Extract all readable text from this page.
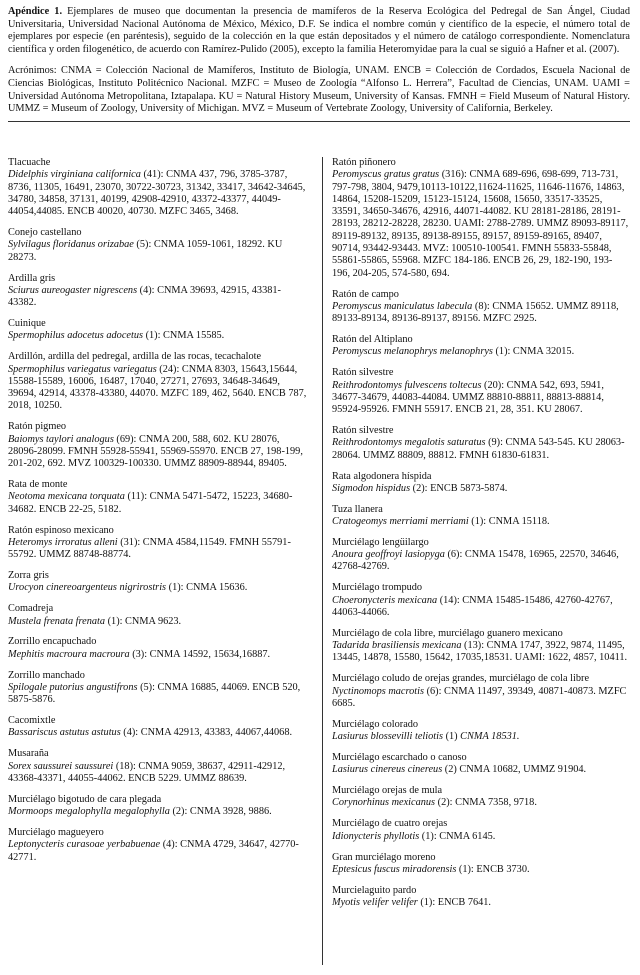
Apéndice 1. Ejemplares de museo que documentan la presencia de mamíferos de la Reserva Ecológica del Pedregal de San Ángel, Ciudad Universitaria, Universidad Nacional Autónoma de México, México, D.F. Se indica el nombre común y científico de la especie, el número total de ejemplares por especie (en paréntesis), seguido de la colección en la que están depositados y el número de catálogo correspondiente. Nomenclatura científica y orden filogenético, de acuerdo con Ramírez-Pulido (2005), excepto la familia Heteromyidae para la cual se siguió a Hafner et al. (2007).

Acrónimos: CNMA = Colección Nacional de Mamíferos, Instituto de Biología, UNAM. ENCB = Colección de Cordados, Escuela Nacional de Ciencias Biológicas, Instituto Politécnico Nacional. MZFC = Museo de Zoología “Alfonso L. Herrera”, Facultad de Ciencias, UNAM. UAMI = Universidad Autónoma Metropolitana, Iztapalapa. KU = Natural History Museum, University of Kansas. FMNH = Field Museum of Natural History. UMMZ = Museum of Zoology, University of Michigan. MVZ = Museum of Vertebrate Zoology, University of California, Berkeley.

Tlacuache
Didelphis virginiana californica (41): CNMA 437, 796, 3785-3787, 8736, 11305, 16491, 23070, 30722-30723, 31342, 33417, 34642-34645, 34780, 34858, 37131, 40199, 42908-42910, 43372-43377, 44049-44054,44085. ENCB 40020, 40730. MZFC 3465, 3468.
Conejo castellano
Sylvilagus floridanus orizabae (5): CNMA 1059-1061, 18292. KU 28273.
Ardilla gris
Sciurus aureogaster nigrescens (4): CNMA 39693, 42915, 43381-43382.
Cuinique
Spermophilus adocetus adocetus (1): CNMA 15585.
Ardillón, ardilla del pedregal, ardilla de las rocas, tecachalote
Spermophilus variegatus variegatus (24): CNMA 8303, 15643,15644, 15588-15589, 16006, 16487, 17040, 27271, 27693, 34648-34649, 39694, 42914, 43378-43380, 44070. MZFC 189, 462, 5640. ENCB 787, 2018, 10250.
Ratón pigmeo
Baiomys taylori analogus (69): CNMA 200, 588, 602. KU 28076, 28096-28099. FMNH 55928-55941, 55969-55970. ENCB 27, 198-199, 201-202, 692. MVZ 100329-100330. UMMZ 88909-88944, 89405.
Rata de monte
Neotoma mexicana torquata (11): CNMA 5471-5472, 15223, 34680-34682. ENCB 22-25, 5182.
Ratón espinoso mexicano
Heteromys irroratus alleni (31): CNMA 4584,11549. FMNH 55791-55792. UMMZ 88748-88774.
Zorra gris
Urocyon cinereoargenteus nigrirostris (1): CNMA 15636.
Comadreja
Mustela frenata frenata (1): CNMA 9623.
Zorrillo encapuchado
Mephitis macroura macroura (3): CNMA 14592, 15634,16887.
Zorrillo manchado
Spilogale putorius angustifrons (5): CNMA 16885, 44069. ENCB 520, 5875-5876.
Cacomixtle
Bassariscus astutus astutus (4): CNMA 42913, 43383, 44067,44068.
Musaraña
Sorex saussurei saussurei (18): CNMA 9059, 38637, 42911-42912, 43368-43371, 44055-44062. ENCB 5229. UMMZ 88639.
Murciélago bigotudo de cara plegada
Mormoops megalophylla megalophylla (2): CNMA 3928, 9886.
Murciélago magueyero
Leptonycteris curasoae yerbabuenae (4): CNMA 4729, 34647, 42770-42771.
Ratón piñonero
Peromyscus gratus gratus (316): CNMA 689-696, 698-699, 713-731, 797-798, 3804, 9479,10113-10122,11624-11625, 11646-11676, 14863, 14864, 15208-15209, 15123-15124, 15608, 15650, 33517-33525, 33591, 34650-34676, 42916, 44071-44082. KU 28181-28186, 28191-28193, 28212-28228, 28230. UAMI: 2788-2789. UMMZ 89093-89117, 89119-89132, 89135, 89138-89155, 89157, 89159-89165, 89407, 90714, 93442-93443. MVZ: 100510-100541. FMNH 55833-55848, 55861-55865, 55968. MZFC 184-186. ENCB 26, 29, 182-190, 193-196, 204-205, 574-580, 694.
Ratón de campo
Peromyscus maniculatus labecula (8): CNMA 15652. UMMZ 89118, 89133-89134, 89136-89137, 89156. MZFC 2925.
Ratón del Altiplano
Peromyscus melanophrys melanophrys (1): CNMA 32015.
Ratón silvestre
Reithrodontomys fulvescens toltecus (20): CNMA 542, 693, 5941, 34677-34679, 44083-44084. UMMZ 88810-88811, 88813-88814, 95924-95926. FMNH 55917. ENCB 21, 28, 351. KU 28067.
Ratón silvestre
Reithrodontomys megalotis saturatus (9): CNMA 543-545. KU 28063-28064. UMMZ 88809, 88812. FMNH 61830-61831.
Rata algodonera híspida
Sigmodon hispidus (2): ENCB 5873-5874.
Tuza llanera
Cratogeomys merriami merriami (1): CNMA 15118.
Murciélago lengüilargo
Anoura geoffroyi lasiopyga (6): CNMA 15478, 16965, 22570, 34646, 42768-42769.
Murciélago trompudo
Choeronycteris mexicana (14): CNMA 15485-15486, 42760-42767, 44063-44066.
Murciélago de cola libre, murciélago guanero mexicano
Tadarida brasiliensis mexicana (13): CNMA 1747, 3922, 9874, 11495, 13445, 14878, 15580, 15642, 17035,18531. UAMI: 1622, 4857, 10411.
Murciélago coludo de orejas grandes, murciélago de cola libre
Nyctinomops macrotis (6): CNMA 11497, 39349, 40871-40873. MZFC 6685.
Murciélago colorado
Lasiurus blossevilli teliotis (1) CNMA 18531.
Murciélago escarchado o canoso
Lasiurus cinereus cinereus (2) CNMA 10682, UMMZ 91904.
Murciélago orejas de mula
Corynorhinus mexicanus (2): CNMA 7358, 9718.
Murciélago de cuatro orejas
Idionycteris phyllotis (1): CNMA 6145.
Gran murciélago moreno
Eptesicus fuscus miradorensis (1): ENCB 3730.
Murcielaguito pardo
Myotis velifer velifer (1): ENCB 7641.
